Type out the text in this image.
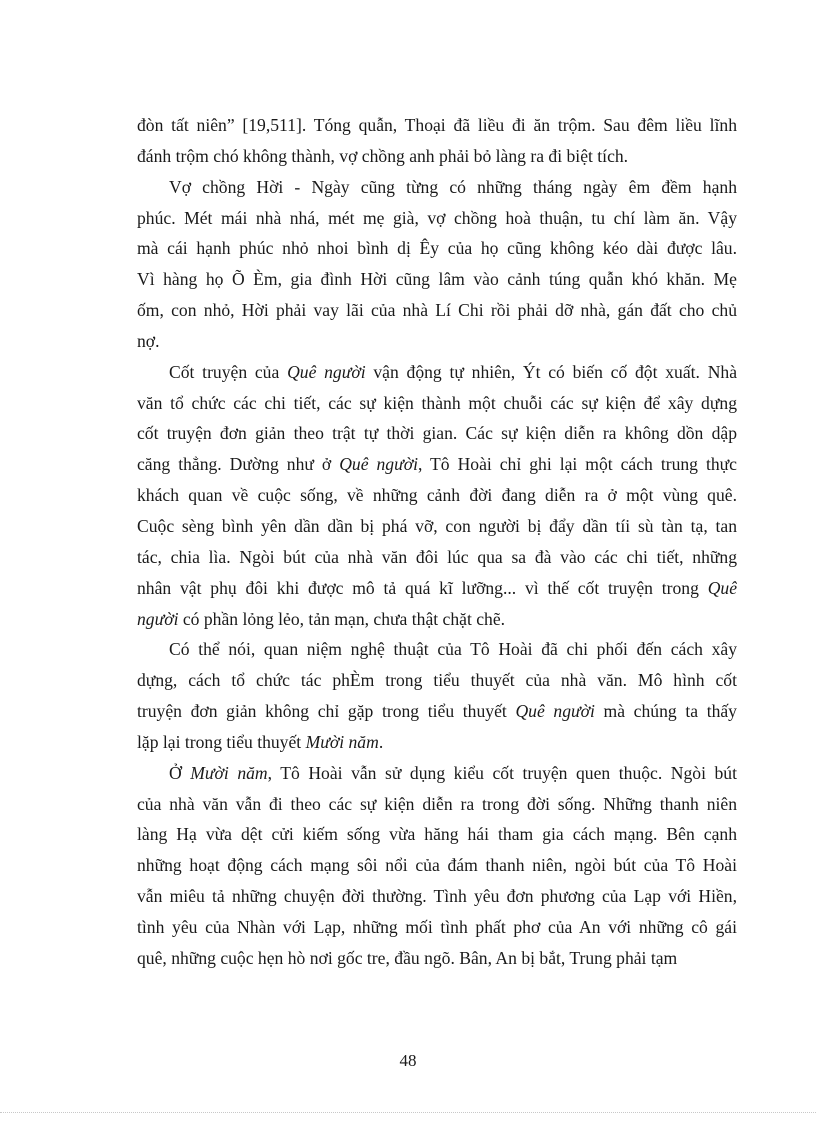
đòn tất niên” [19,511]. Tóng quẫn, Thoại đã liều đi ăn trộm. Sau đêm liều lĩnh
đánh trộm chó không thành, vợ chồng anh phải bỏ làng ra đi biệt tích.
Vợ chồng Hời - Ngày cũng từng có những tháng ngày êm đềm hạnh
phúc. Mét mái nhà nhá, mét mẹ già, vợ chồng hoà thuận, tu chí làm ăn. Vậy
mà cái hạnh phúc nhỏ nhoi bình dị Êy của họ cũng không kéo dài được lâu.
Vì hàng họ Õ Èm, gia đình Hời cũng lâm vào cảnh túng quẫn khó khăn. Mẹ
ốm, con nhỏ, Hời phải vay lãi của nhà Lí Chi rồi phải dỡ nhà, gán đất cho chủ
nợ.
Cốt truyện của Quê người vận động tự nhiên, Ýt có biến cố đột xuất. Nhà
văn tổ chức các chi tiết, các sự kiện thành một chuỗi các sự kiện để xây dựng
cốt truyện đơn giản theo trật tự thời gian. Các sự kiện diễn ra không dồn dập
căng thẳng. Dường như ở Quê người, Tô Hoài chỉ ghi lại một cách trung thực
khách quan về cuộc sống, về những cảnh đời đang diễn ra ở một vùng quê.
Cuộc sèng bình yên dần dần bị phá vỡ, con người bị đẩy dần tíi sù tàn tạ, tan
tác, chia lìa. Ngòi bút của nhà văn đôi lúc qua sa đà vào các chi tiết, những
nhân vật phụ đôi khi được mô tả quá kĩ lưỡng... vì thế cốt truyện trong Quê
người có phần lỏng lẻo, tản mạn, chưa thật chặt chẽ.
Có thể nói, quan niệm nghệ thuật của Tô Hoài đã chi phối đến cách xây
dựng, cách tổ chức tác phÈm trong tiểu thuyết của nhà văn. Mô hình cốt
truyện đơn giản không chỉ gặp trong tiểu thuyết Quê người mà chúng ta thấy
lặp lại trong tiểu thuyết Mười năm.
Ở Mười năm, Tô Hoài vẫn sử dụng kiểu cốt truyện quen thuộc. Ngòi bút
của nhà văn vẫn đi theo các sự kiện diễn ra trong đời sống. Những thanh niên
làng Hạ vừa dệt cửi kiếm sống vừa hăng hái tham gia cách mạng. Bên cạnh
những hoạt động cách mạng sôi nổi của đám thanh niên, ngòi bút của Tô Hoài
vẫn miêu tả những chuyện đời thường. Tình yêu đơn phương của Lạp với Hiền,
tình yêu của Nhàn với Lạp, những mối tình phất phơ của An với những cô gái
quê, những cuộc hẹn hò nơi gốc tre, đầu ngõ. Bân, An bị bắt, Trung phải tạm
48
